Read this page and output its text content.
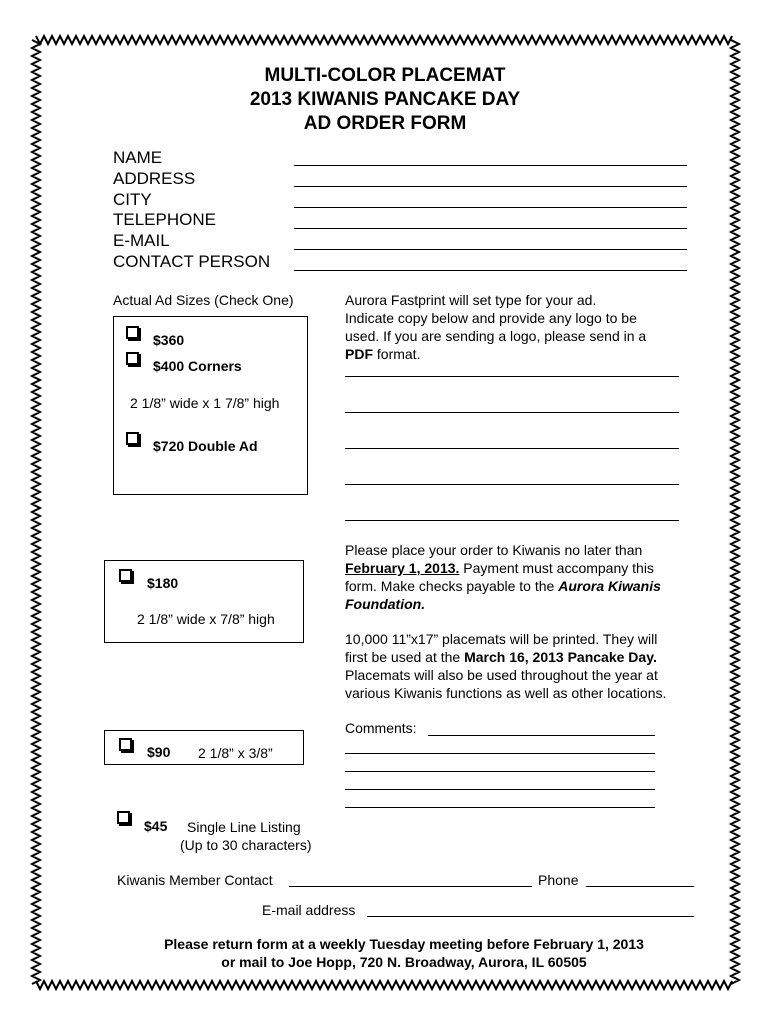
MULTI-COLOR PLACEMAT
2013 KIWANIS PANCAKE DAY
AD ORDER FORM
NAME
ADDRESS
CITY
TELEPHONE
E-MAIL
CONTACT PERSON
Actual Ad Sizes (Check One)
$360
$400 Corners
2 1/8” wide x 1 7/8” high
$720 Double Ad
$180
2 1/8” wide x 7/8” high
$90 2 1/8” x 3/8”
$45 Single Line Listing
(Up to 30 characters)
Aurora Fastprint will set type for your ad.
Indicate copy below and provide any logo to be
used. If you are sending a logo, please send in a
PDF format.
Please place your order to Kiwanis no later than
February 1, 2013. Payment must accompany this
form. Make checks payable to the Aurora Kiwanis
Foundation.
10,000 11”x17” placemats will be printed. They will
first be used at the March 16, 2013 Pancake Day.
Placemats will also be used throughout the year at
various Kiwanis functions as well as other locations.
Comments:
Kiwanis Member Contact	Phone
E-mail address
Please return form at a weekly Tuesday meeting before February 1, 2013
or mail to Joe Hopp, 720 N. Broadway, Aurora, IL 60505
